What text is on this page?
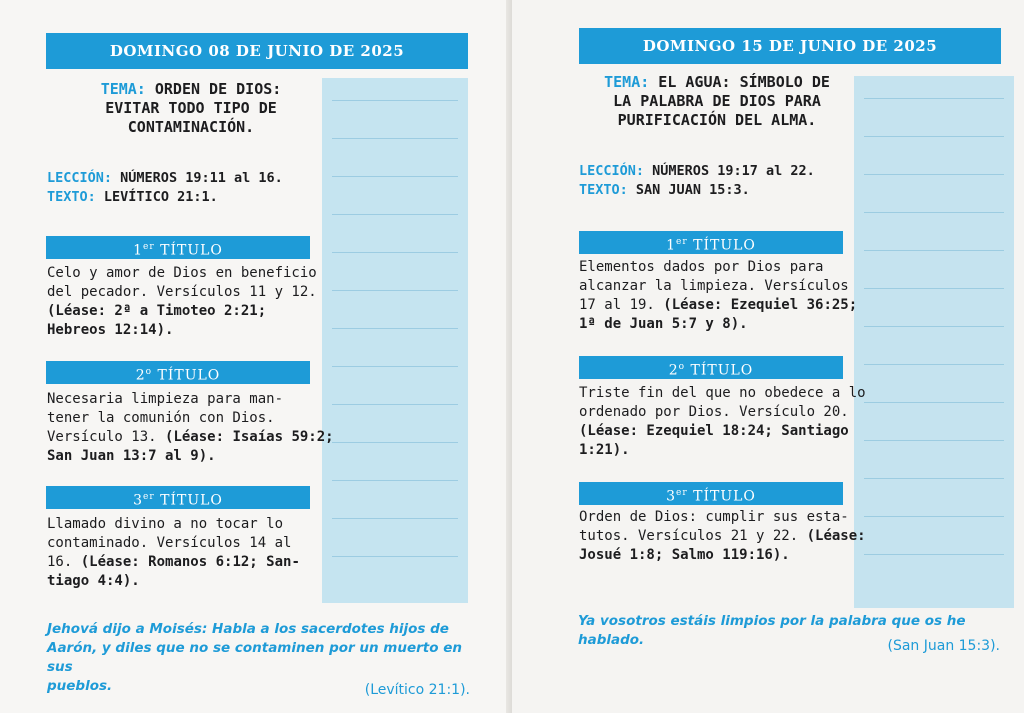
DOMINGO 08 DE JUNIO DE 2025
TEMA: ORDEN DE DIOS:
EVITAR TODO TIPO DE
CONTAMINACIÓN.
LECCIÓN: NÚMEROS 19:11 al 16.
TEXTO: LEVÍTICO 21:1.
1er TÍTULO
Celo y amor de Dios en beneficio
del pecador. Versículos 11 y 12.
(Léase: 2ª a Timoteo 2:21;
Hebreos 12:14).
2$^o$ TÍTULO
Necesaria limpieza para man-
tener la comunión con Dios.
Versículo 13. (Léase: Isaías 59:2;
San Juan 13:7 al 9).
3er TÍTULO
Llamado divino a no tocar lo
contaminado. Versículos 14 al
16. (Léase: Romanos 6:12; San-
tiago 4:4).
Jehová dijo a Moisés: Habla a los sacerdotes hijos de
Aarón, y diles que no se contaminen por un muerto en sus
pueblos.	(Levítico 21:1).
DOMINGO 15 DE JUNIO DE 2025
TEMA: EL AGUA: SÍMBOLO DE
LA PALABRA DE DIOS PARA
PURIFICACIÓN DEL ALMA.
LECCIÓN: NÚMEROS 19:17 al 22.
TEXTO: SAN JUAN 15:3.
1er TÍTULO
Elementos dados por Dios para
alcanzar la limpieza. Versículos
17 al 19. (Léase: Ezequiel 36:25;
1ª de Juan 5:7 y 8).
2$^o$ TÍTULO
Triste fin del que no obedece a lo
ordenado por Dios. Versículo 20.
(Léase: Ezequiel 18:24; Santiago
1:21).
3er TÍTULO
Orden de Dios: cumplir sus esta-
tutos. Versículos 21 y 22. (Léase:
Josué 1:8; Salmo 119:16).
Ya vosotros estáis limpios por la palabra que os he hablado.	(San Juan 15:3).
